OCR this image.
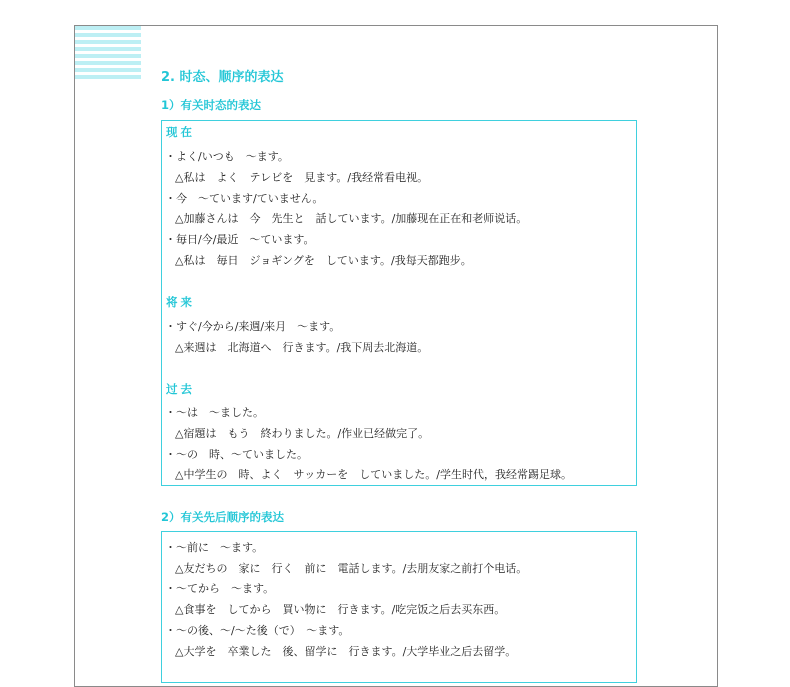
2. 时态、顺序的表达
1）有关时态的表达
现在
・よく/いつも　～ます。
△私は　よく　テレビを　見ます。/我经常看电视。
・今　～ています/ていません。
△加藤さんは　今　先生と　話しています。/加藤现在正在和老师说话。
・毎日/今/最近　～ています。
△私は　毎日　ジョギングを　しています。/我每天都跑步。
将来
・すぐ/今から/来週/来月　～ます。
△来週は　北海道へ　行きます。/我下周去北海道。
过去
・～は　～ました。
△宿題は　もう　終わりました。/作业已经做完了。
・～の　時、～ていました。
△中学生の　時、よく　サッカーを　していました。/学生时代，我经常踢足球。
2）有关先后顺序的表达
・～前に　～ます。
△友だちの　家に　行く　前に　電話します。/去朋友家之前打个电话。
・～てから　～ます。
△食事を　してから　買い物に　行きます。/吃完饭之后去买东西。
・～の後、～/～た後（で）　～ます。
△大学を　卒業した　後、留学に　行きます。/大学毕业之后去留学。
